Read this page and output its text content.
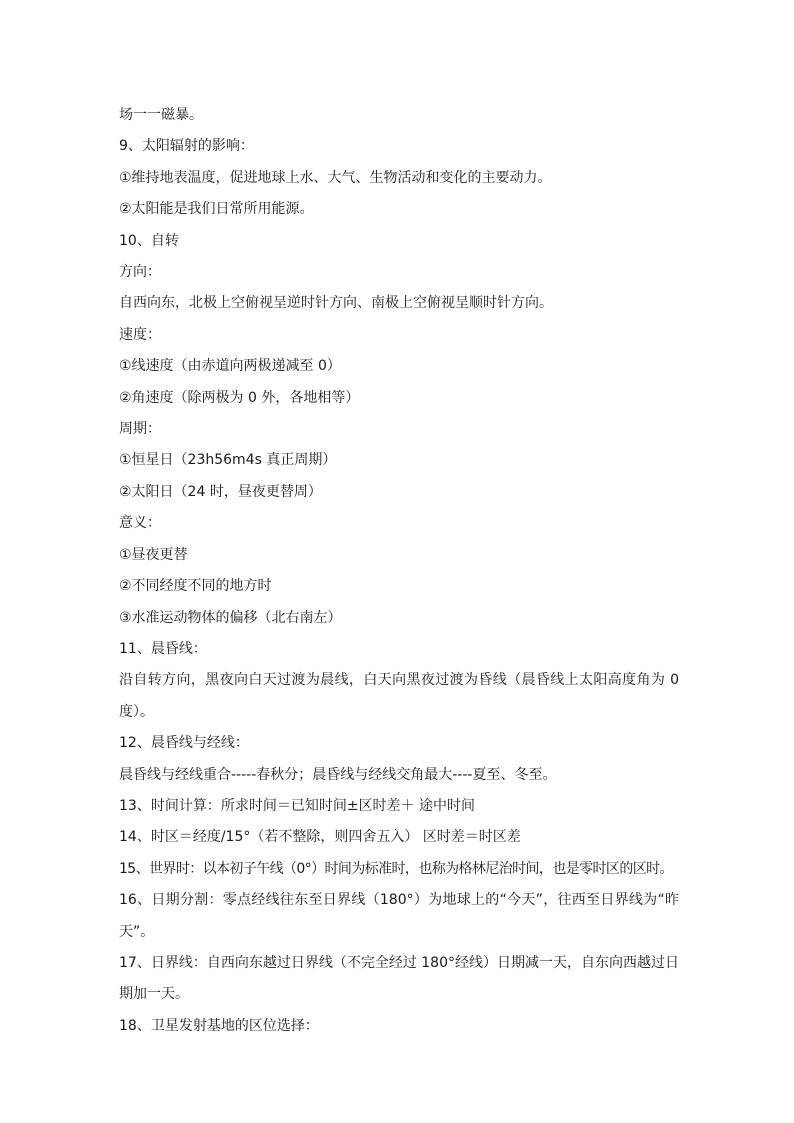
场一一磁暴。
9、太阳辐射的影响：
①维持地表温度，促进地球上水、大气、生物活动和变化的主要动力。
②太阳能是我们日常所用能源。
10、自转
方向：
自西向东，北极上空俯视呈逆时针方向、南极上空俯视呈顺时针方向。
速度：
①线速度（由赤道向两极递减至 0）
②角速度（除两极为 0 外，各地相等）
周期：
①恒星日（23h56m4s 真正周期）
②太阳日（24 时，昼夜更替周）
意义：
①昼夜更替
②不同经度不同的地方时
③水准运动物体的偏移（北右南左）
11、晨昏线：
沿自转方向，黑夜向白天过渡为晨线，白天向黑夜过渡为昏线（晨昏线上太阳高度角为 0 度）。
12、晨昏线与经线：
晨昏线与经线重合-----春秋分；晨昏线与经线交角最大----夏至、冬至。
13、时间计算：所求时间＝已知时间±区时差＋ 途中时间
14、时区＝经度/15°（若不整除，则四舍五入） 区时差＝时区差
15、世界时：以本初子午线（0°）时间为标准时，也称为格林尼治时间，也是零时区的区时。
16、日期分割：零点经线往东至日界线（180°）为地球上的“今天”，往西至日界线为“昨天”。
17、日界线：自西向东越过日界线（不完全经过 180°经线）日期减一天，自东向西越过日期加一天。
18、卫星发射基地的区位选择：
